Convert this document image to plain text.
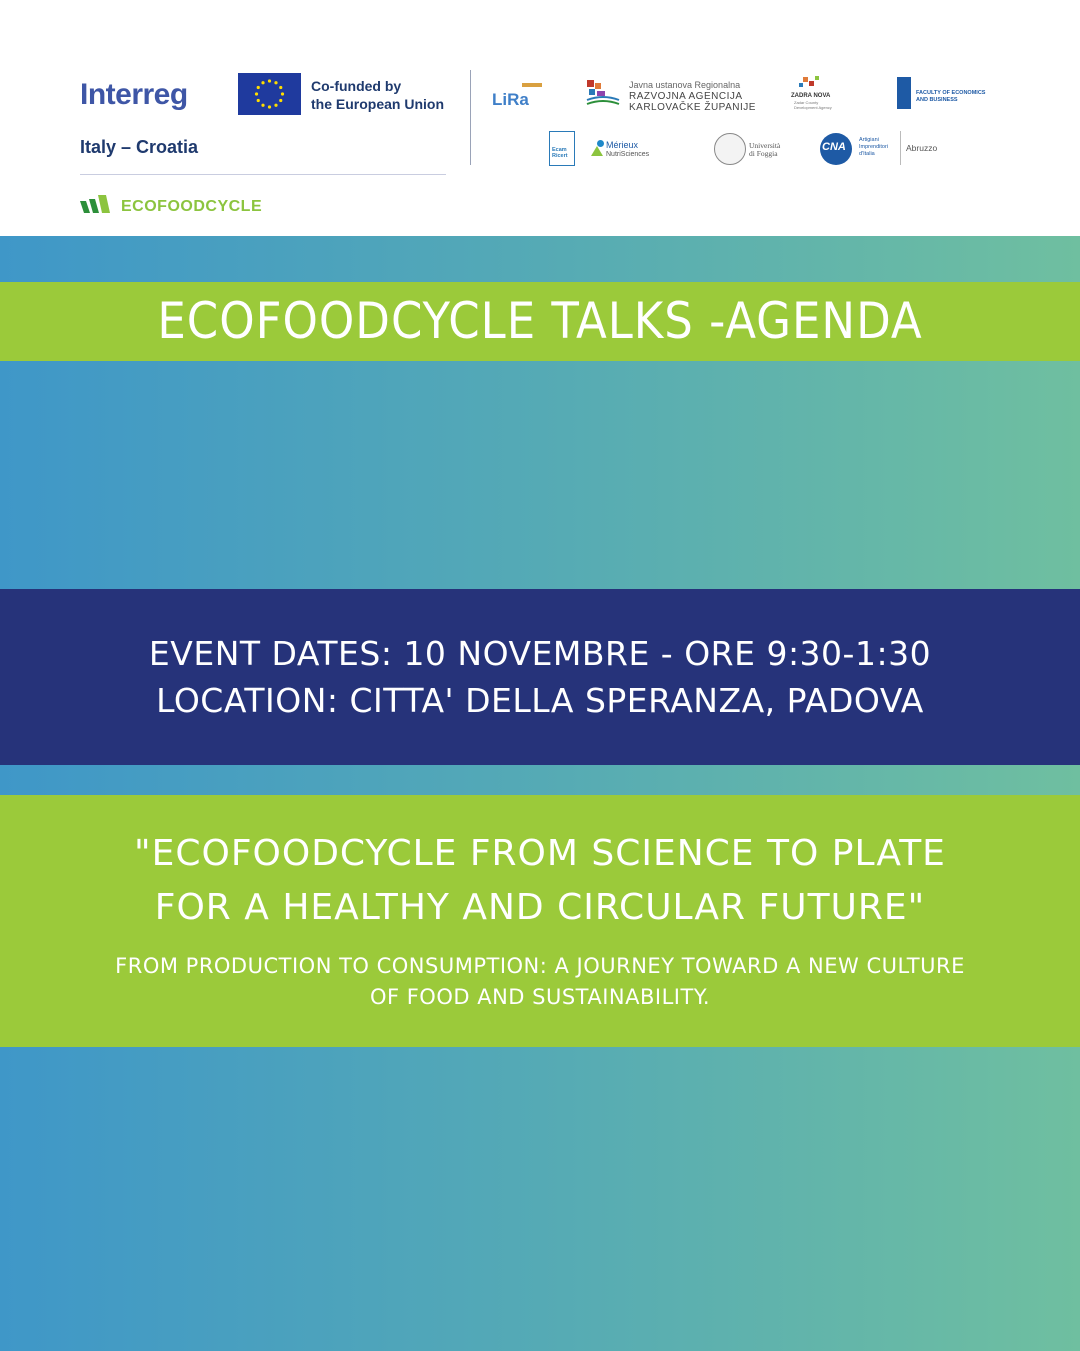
Interreg	Co-funded by
the European Union
Italy – Croatia
ECOFOODCYCLE
LiRa
Javna ustanova Regionalna
RAZVOJNA AGENCIJA
KARLOVAČKE ŽUPANIJE
ZADRA NOVA
Zadar County
Development Agency
FACULTY OF ECONOMICS
AND BUSINESS
Ecam
Ricert
Mérieux
NutriSciences
Università
di Foggia
CNA
Artigiani
Imprenditori
d'Italia
Abruzzo
ECOFOODCYCLE TALKS -AGENDA
EVENT DATES: 10 NOVEMBRE - ORE 9:30-1:30
LOCATION: CITTA' DELLA SPERANZA, PADOVA
"ECOFOODCYCLE FROM SCIENCE TO PLATE
FOR A HEALTHY AND CIRCULAR FUTURE"
FROM PRODUCTION TO CONSUMPTION: A JOURNEY TOWARD A NEW CULTURE
OF FOOD AND SUSTAINABILITY.
